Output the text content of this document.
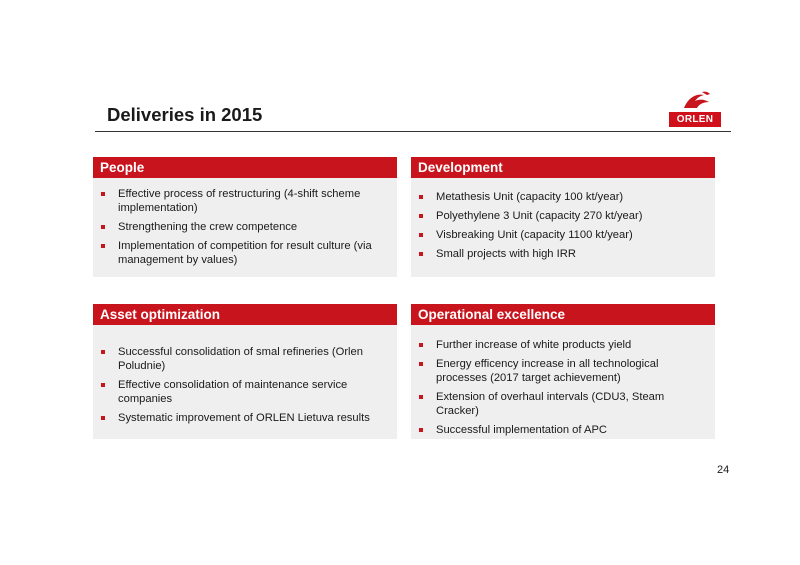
Deliveries in 2015	ORLEN
People
Effective process of restructuring (4-shift scheme implementation)
Strengthening the crew competence
Implementation of competition for result culture (via management by values)
Development
Metathesis Unit (capacity 100 kt/year)
Polyethylene 3 Unit (capacity 270 kt/year)
Visbreaking Unit (capacity 1100 kt/year)
Small projects with high IRR
Asset optimization
Successful consolidation of smal refineries (Orlen Poludnie)
Effective consolidation of maintenance service companies
Systematic improvement of ORLEN Lietuva results
Operational excellence
Further increase of white products yield
Energy efficency increase in all technological processes (2017 target achievement)
Extension of overhaul intervals (CDU3, Steam Cracker)
Successful implementation of APC
24
